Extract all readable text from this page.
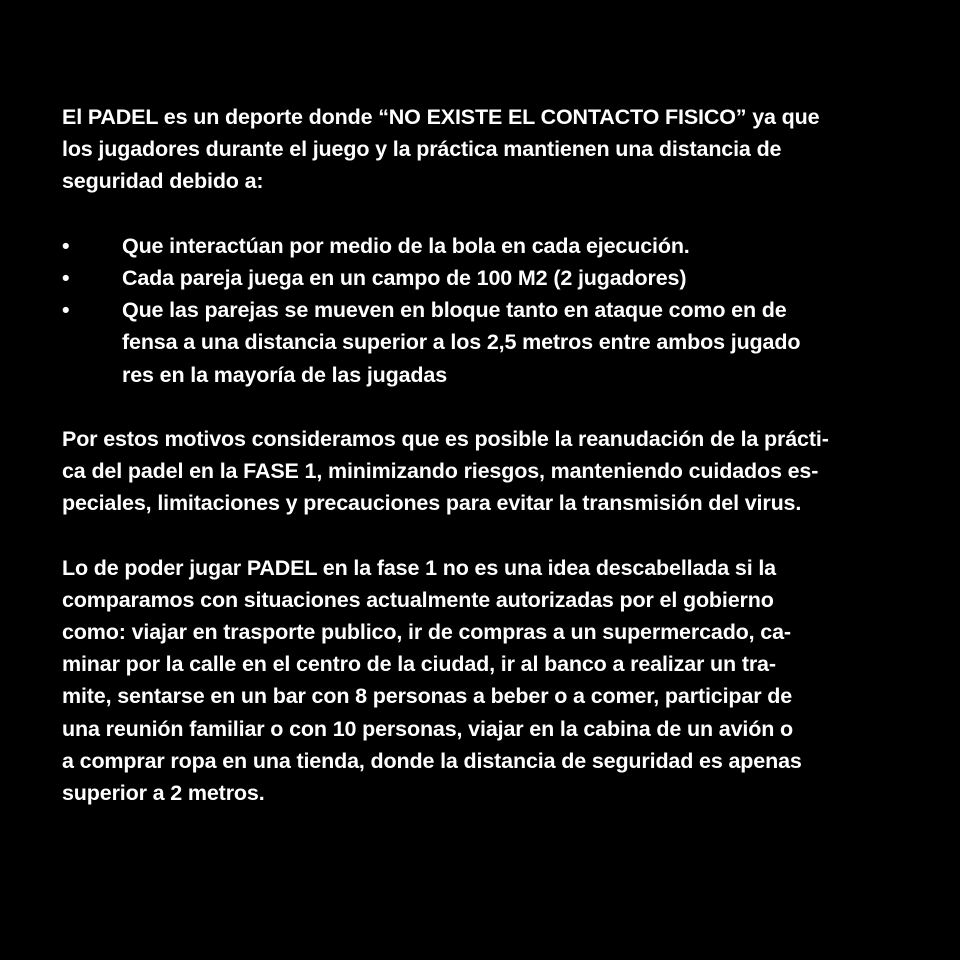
El PADEL es un deporte donde “NO EXISTE EL CONTACTO FISICO” ya que
los jugadores durante el juego y la práctica mantienen una distancia de
seguridad debido a:
•	Que interactúan por medio de la bola en cada ejecución.
•	Cada pareja juega en un campo de 100 M2 (2 jugadores)
•	Que las parejas se mueven en bloque tanto en ataque como en de
fensa a una distancia superior a los 2,5 metros entre ambos jugado
res en la mayoría de las jugadas
Por estos motivos consideramos que es posible la reanudación de la prácti-
ca del padel en la FASE 1, minimizando riesgos, manteniendo cuidados es-
peciales, limitaciones y precauciones para evitar la transmisión del virus.
Lo de poder jugar PADEL en la fase 1 no es una idea descabellada si la
comparamos con situaciones actualmente autorizadas por el gobierno
como: viajar en trasporte publico, ir de compras a un supermercado, ca-
minar por la calle en el centro de la ciudad, ir al banco a realizar un tra-
mite, sentarse en un bar con 8 personas a beber o a comer, participar de
una reunión familiar o con 10 personas, viajar en la cabina de un avión o
a comprar ropa en una tienda, donde la distancia de seguridad es apenas
superior a 2 metros.
